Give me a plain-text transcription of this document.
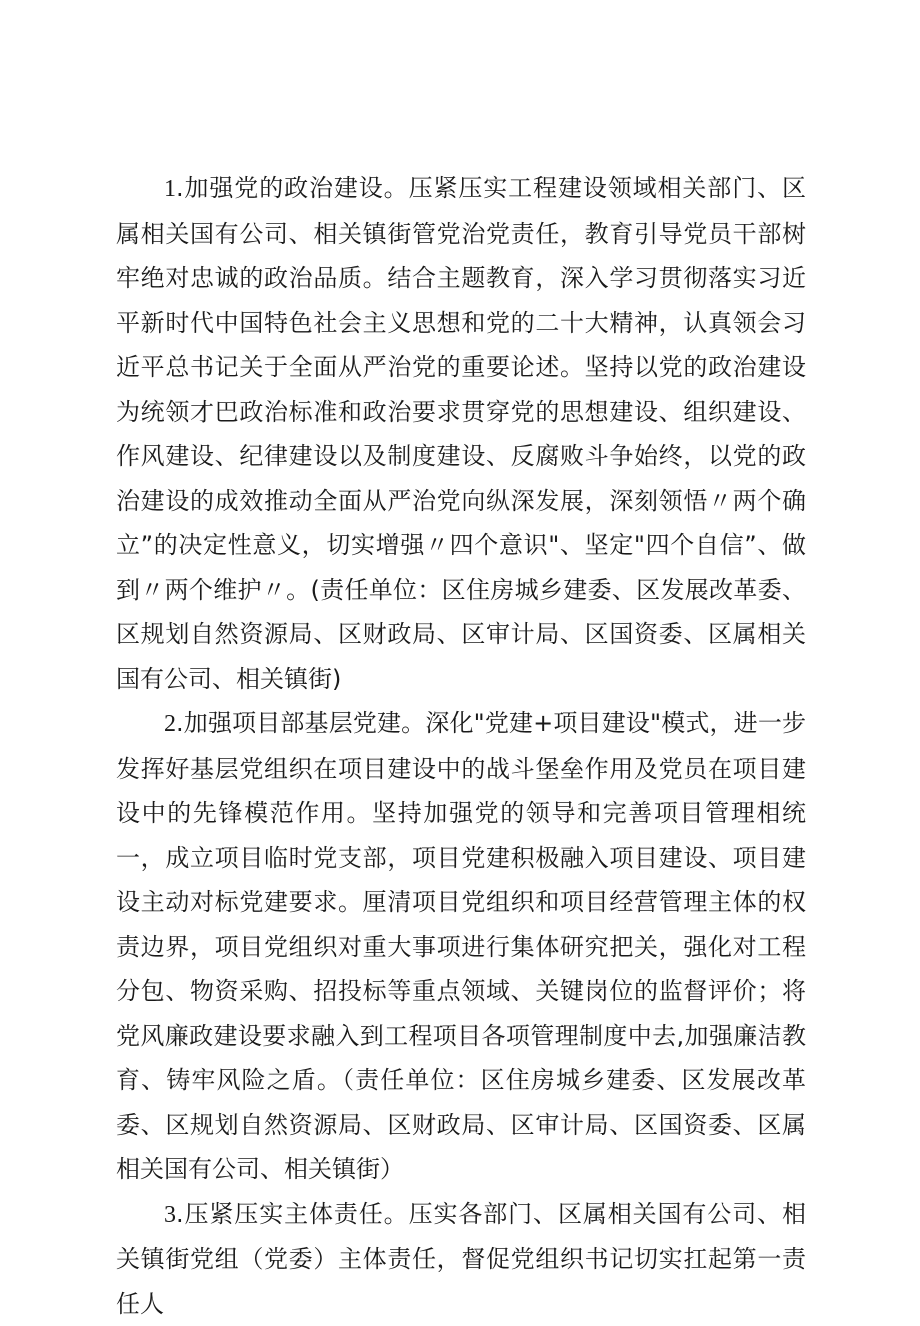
1.加强党的政治建设。压紧压实工程建设领域相关部门、区属相关国有公司、相关镇街管党治党责任，教育引导党员干部树牢绝对忠诚的政治品质。结合主题教育，深入学习贯彻落实习近平新时代中国特色社会主义思想和党的二十大精神，认真领会习近平总书记关于全面从严治党的重要论述。坚持以党的政治建设为统领才巴政治标准和政治要求贯穿党的思想建设、组织建设、作风建设、纪律建设以及制度建设、反腐败斗争始终，以党的政治建设的成效推动全面从严治党向纵深发展，深刻领悟〃两个确立”的决定性意义，切实增强〃四个意识"、坚定"四个自信”、做到〃两个维护〃。(责任单位：区住房城乡建委、区发展改革委、区规划自然资源局、区财政局、区审计局、区国资委、区属相关国有公司、相关镇街)

2.加强项目部基层党建。深化"党建+项目建设"模式，进一步发挥好基层党组织在项目建设中的战斗堡垒作用及党员在项目建设中的先锋模范作用。坚持加强党的领导和完善项目管理相统一，成立项目临时党支部，项目党建积极融入项目建设、项目建设主动对标党建要求。厘清项目党组织和项目经营管理主体的权责边界，项目党组织对重大事项进行集体研究把关，强化对工程分包、物资采购、招投标等重点领域、关键岗位的监督评价；将党风廉政建设要求融入到工程项目各项管理制度中去,加强廉洁教育、铸牢风险之盾。（责任单位：区住房城乡建委、区发展改革委、区规划自然资源局、区财政局、区审计局、区国资委、区属相关国有公司、相关镇街）

3.压紧压实主体责任。压实各部门、区属相关国有公司、相关镇街党组（党委）主体责任，督促党组织书记切实扛起第一责任人
